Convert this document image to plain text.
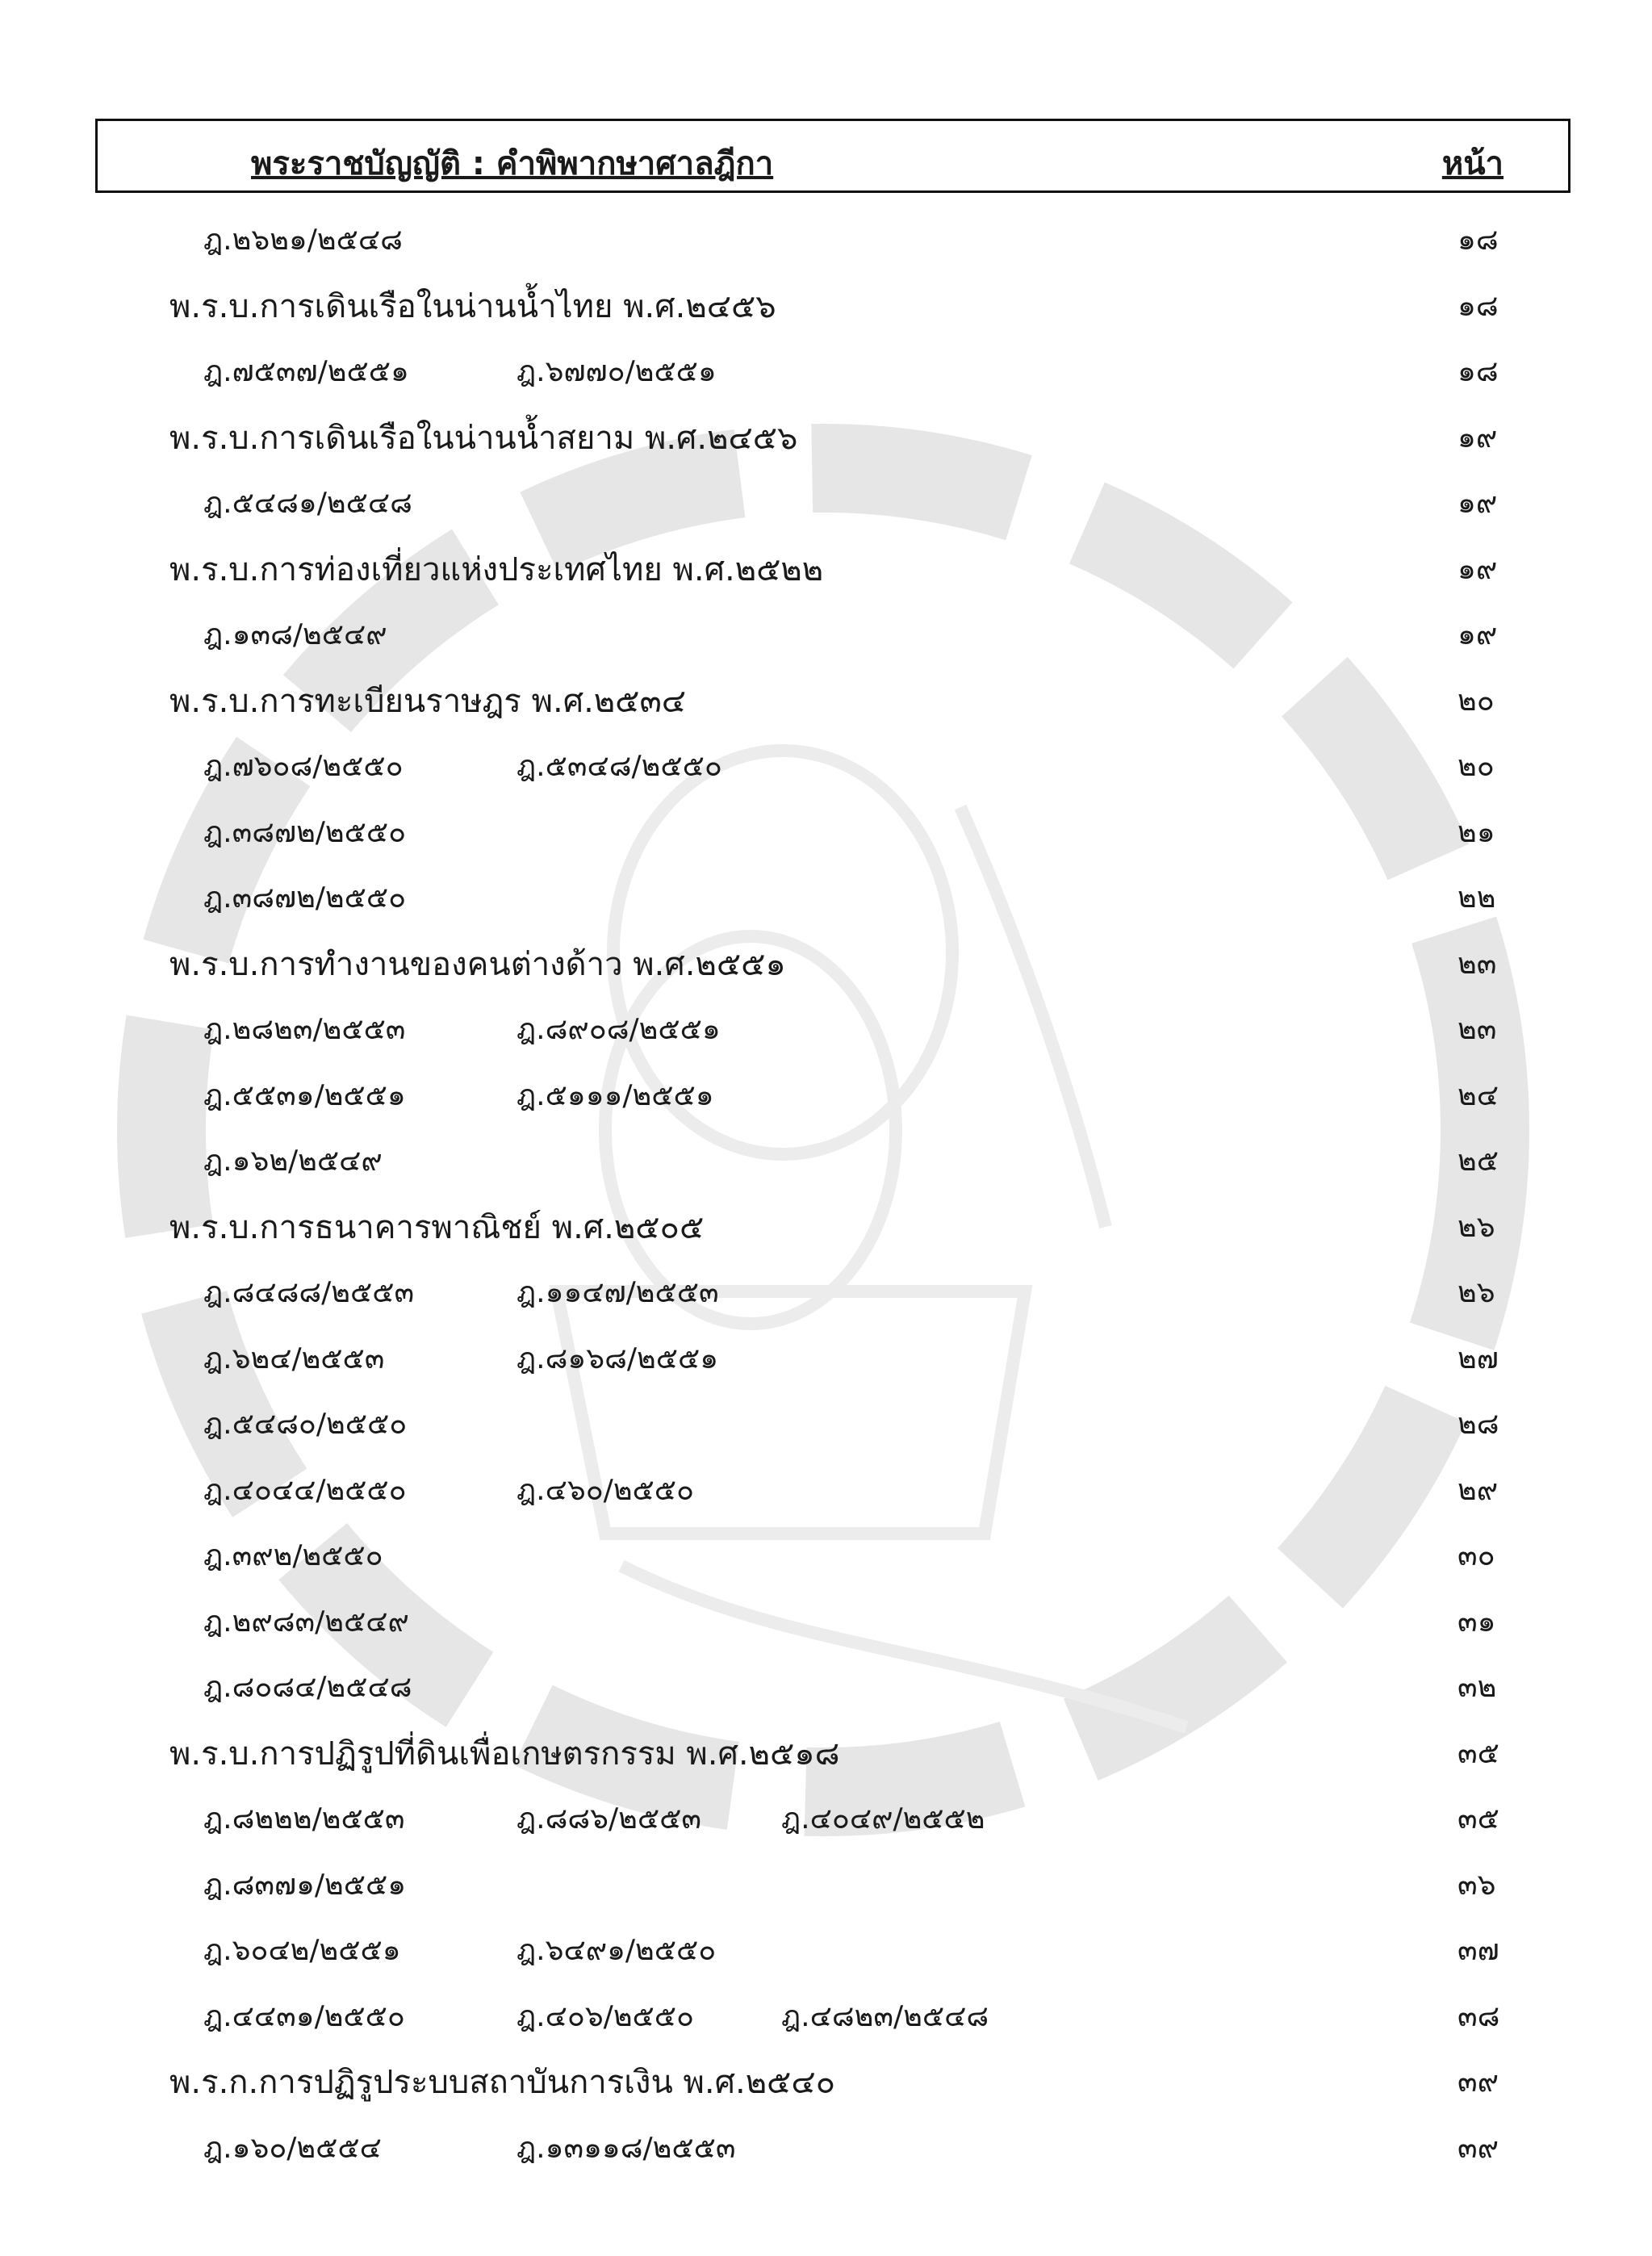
พระราชบัญญัติ : คำพิพากษาศาลฎีกา	หน้า
ฎ.๒๖๒๑/๒๕๔๘	๑๘
พ.ร.บ.การเดินเรือในน่านน้ำไทย พ.ศ.๒๔๕๖	๑๘
ฎ.๗๕๓๗/๒๕๕๑	ฎ.๖๗๗๐/๒๕๕๑	๑๘
พ.ร.บ.การเดินเรือในน่านน้ำสยาม พ.ศ.๒๔๕๖	๑๙
ฎ.๕๔๘๑/๒๕๔๘	๑๙
พ.ร.บ.การท่องเที่ยวแห่งประเทศไทย พ.ศ.๒๕๒๒	๑๙
ฎ.๑๓๘/๒๕๔๙	๑๙
พ.ร.บ.การทะเบียนราษฎร พ.ศ.๒๕๓๔	๒๐
ฎ.๗๖๐๘/๒๕๕๐	ฎ.๕๓๔๘/๒๕๕๐	๒๐
ฎ.๓๘๗๒/๒๕๕๐	๒๑
ฎ.๓๘๗๒/๒๕๕๐	๒๒
พ.ร.บ.การทำงานของคนต่างด้าว พ.ศ.๒๕๕๑	๒๓
ฎ.๒๘๒๓/๒๕๕๓	ฎ.๘๙๐๘/๒๕๕๑	๒๓
ฎ.๕๕๓๑/๒๕๕๑	ฎ.๕๑๑๑/๒๕๕๑	๒๔
ฎ.๑๖๒/๒๕๔๙	๒๕
พ.ร.บ.การธนาคารพาณิชย์ พ.ศ.๒๕๐๕	๒๖
ฎ.๘๔๘๘/๒๕๕๓	ฎ.๑๑๔๗/๒๕๕๓	๒๖
ฎ.๖๒๔/๒๕๕๓	ฎ.๘๑๖๘/๒๕๕๑	๒๗
ฎ.๕๔๘๐/๒๕๕๐	๒๘
ฎ.๔๐๔๔/๒๕๕๐	ฎ.๔๖๐/๒๕๕๐	๒๙
ฎ.๓๙๒/๒๕๕๐	๓๐
ฎ.๒๙๘๓/๒๕๔๙	๓๑
ฎ.๘๐๘๔/๒๕๔๘	๓๒
พ.ร.บ.การปฏิรูปที่ดินเพื่อเกษตรกรรม พ.ศ.๒๕๑๘	๓๕
ฎ.๘๒๒๒/๒๕๕๓	ฎ.๘๘๖/๒๕๕๓	ฎ.๔๐๔๙/๒๕๕๒	๓๕
ฎ.๘๓๗๑/๒๕๕๑	๓๖
ฎ.๖๐๔๒/๒๕๕๑	ฎ.๖๔๙๑/๒๕๕๐	๓๗
ฎ.๔๔๓๑/๒๕๕๐	ฎ.๔๐๖/๒๕๕๐	ฎ.๔๘๒๓/๒๕๔๘	๓๘
พ.ร.ก.การปฏิรูประบบสถาบันการเงิน พ.ศ.๒๕๔๐	๓๙
ฎ.๑๖๐/๒๕๕๔	ฎ.๑๓๑๑๘/๒๕๕๓	๓๙
